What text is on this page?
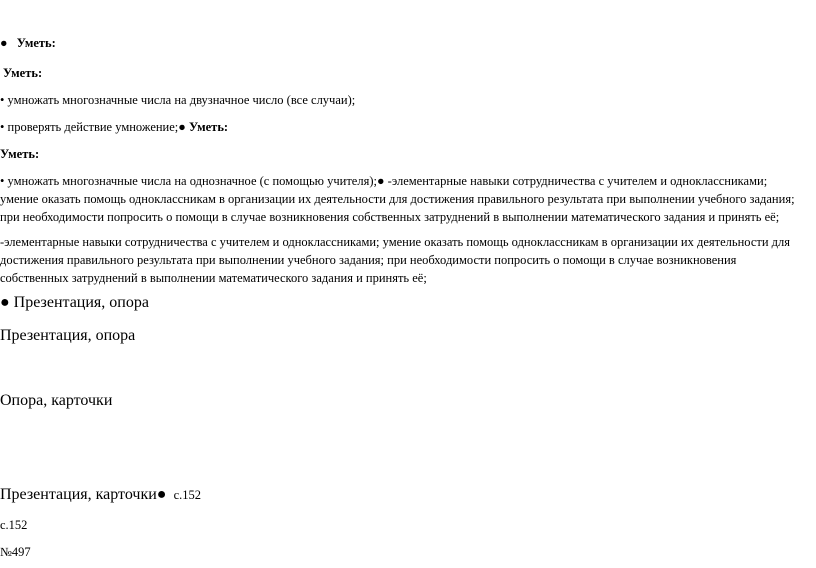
● Уметь:
Уметь:
• умножать многозначные числа на двузначное число (все случаи);
• проверять действие умножение;● Уметь:
Уметь:
• умножать многозначные числа на однозначное (с помощью учителя);● -элементарные навыки сотрудничества с учителем и одноклассниками; умение оказать помощь одноклассникам в организации их деятельности для достижения правильного результата при выполнении учебного задания; при необходимости попросить о помощи в случае возникновения собственных затруднений в выполнении математического задания и принять её;
-элементарные навыки сотрудничества с учителем и одноклассниками; умение оказать помощь одноклассникам в организации их деятельности для достижения правильного результата при выполнении учебного задания; при необходимости попросить о помощи в случае возникновения собственных затруднений в выполнении математического задания и принять её;
● Презентация, опора
Презентация, опора
Опора, карточки
Презентация, карточки● с.152
с.152
№497
